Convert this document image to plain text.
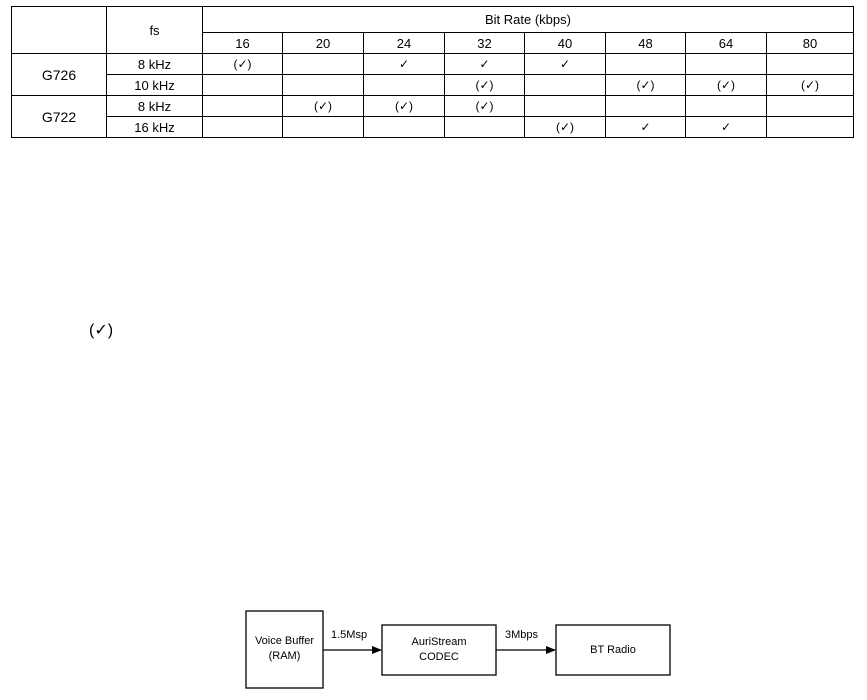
	fs	Bit Rate (kbps)							
		16	20	24	32	40	48	64	80
G726	8 kHz	(✓)		✓	✓	✓			
	10 kHz				(✓)		(✓)	(✓)	(✓)
G722	8 kHz		(✓)	(✓)	(✓)				
	16 kHz					(✓)	✓	✓	
(✓)
Voice Buffer
(RAM)
AuriStream
CODEC
BT Radio
1.5Msp	3Mbps
